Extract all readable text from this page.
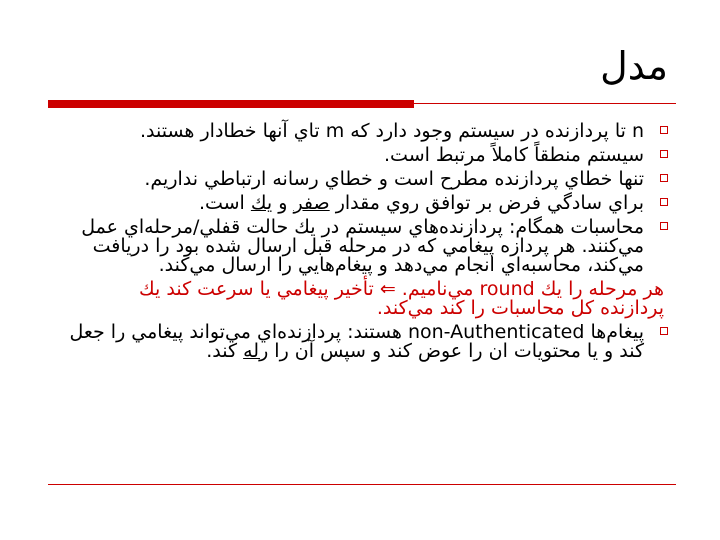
مدل
n تا پردازنده در سيستم وجود دارد که m تاي آنها خطادار هستند.
سيستم منطقاً کاملاً مرتبط است.
تنها خطاي پردازنده مطرح است و خطاي رسانه ارتباطي نداريم.
براي سادگي فرض بر توافق روي مقدار صفر و يك است.
محاسبات همگام: پردازنده‌هاي سيستم در يك حالت قفلي/مرحله‌اي عمل مي‌کنند. هر پردازه پيغامي که در مرحله قبل ارسال شده بود را دريافت مي‌کند، محاسبه‌اي انجام مي‌دهد و پيغام‌هايي را ارسال مي‌کند.
هر مرحله را يك round مي‌ناميم. ⇐ تأخير پيغامي يا سرعت کند يك پردازنده کل محاسبات را کند مي‌کند.
پيغام‌ها non-Authenticated هستند: پردازنده‌اي مي‌تواند پيغامي را جعل کند و يا محتويات ان را عوض کند و سپس آن را رله کند.
